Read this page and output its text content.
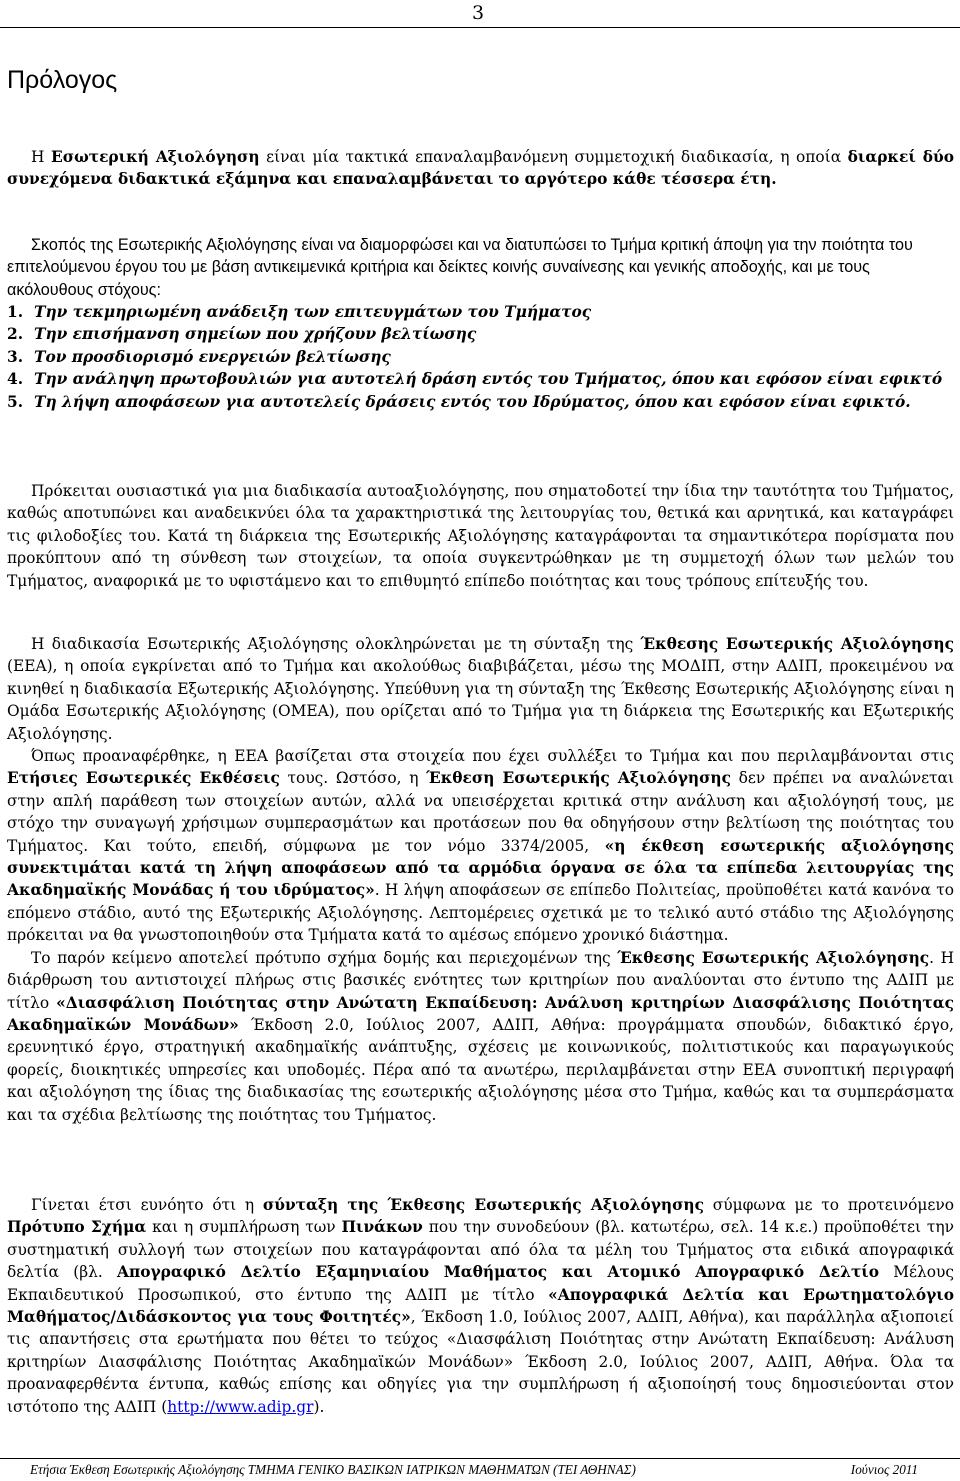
3
Πρόλογος

Η Εσωτερική Αξιολόγηση είναι μία τακτικά επαναλαμβανόμενη συμμετοχική διαδικασία, η οποία διαρκεί δύο συνεχόμενα διδακτικά εξάμηνα και επαναλαμβάνεται το αργότερο κάθε τέσσερα έτη.

Σκοπός της Εσωτερικής Αξιολόγησης είναι να διαμορφώσει και να διατυπώσει το Τμήμα κριτική άποψη για την ποιότητα του επιτελούμενου έργου του με βάση αντικειμενικά κριτήρια και δείκτες κοινής συναίνεσης και γενικής αποδοχής, και με τους ακόλουθους στόχους:

1. Την τεκμηριωμένη ανάδειξη των επιτευγμάτων του Τμήματος
2. Την επισήμανση σημείων που χρήζουν βελτίωσης
3. Τον προσδιορισμό ενεργειών βελτίωσης
4. Την ανάληψη πρωτοβουλιών για αυτοτελή δράση εντός του Τμήματος, όπου και εφόσον είναι εφικτό
5. Τη λήψη αποφάσεων για αυτοτελείς δράσεις εντός του Ιδρύματος, όπου και εφόσον είναι εφικτό.

Πρόκειται ουσιαστικά για μια διαδικασία αυτοαξιολόγησης, που σηματοδοτεί την ίδια την ταυτότητα του Τμήματος, καθώς αποτυπώνει και αναδεικνύει όλα τα χαρακτηριστικά της λειτουργίας του, θετικά και αρνητικά, και καταγράφει τις φιλοδοξίες του. Κατά τη διάρκεια της Εσωτερικής Αξιολόγησης καταγράφονται τα σημαντικότερα πορίσματα που προκύπτουν από τη σύνθεση των στοιχείων, τα οποία συγκεντρώθηκαν με τη συμμετοχή όλων των μελών του Τμήματος, αναφορικά με το υφιστάμενο και το επιθυμητό επίπεδο ποιότητας και τους τρόπους επίτευξής του.

Η διαδικασία Εσωτερικής Αξιολόγησης ολοκληρώνεται με τη σύνταξη της Έκθεσης Εσωτερικής Αξιολόγησης (ΕΕΑ), η οποία εγκρίνεται από το Τμήμα και ακολούθως διαβιβάζεται, μέσω της ΜΟΔΙΠ, στην ΑΔΙΠ, προκειμένου να κινηθεί η διαδικασία Εξωτερικής Αξιολόγησης. Υπεύθυνη για τη σύνταξη της Έκθεσης Εσωτερικής Αξιολόγησης είναι η Ομάδα Εσωτερικής Αξιολόγησης (ΟΜΕΑ), που ορίζεται από το Τμήμα για τη διάρκεια της Εσωτερικής και Εξωτερικής Αξιολόγησης.

Όπως προαναφέρθηκε, η ΕΕΑ βασίζεται στα στοιχεία που έχει συλλέξει το Τμήμα και που περιλαμβάνονται στις Ετήσιες Εσωτερικές Εκθέσεις τους. Ωστόσο, η Έκθεση Εσωτερικής Αξιολόγησης δεν πρέπει να αναλώνεται στην απλή παράθεση των στοιχείων αυτών, αλλά να υπεισέρχεται κριτικά στην ανάλυση και αξιολόγησή τους, με στόχο την συναγωγή χρήσιμων συμπερασμάτων και προτάσεων που θα οδηγήσουν στην βελτίωση της ποιότητας του Τμήματος. Και τούτο, επειδή, σύμφωνα με τον νόμο 3374/2005, «η έκθεση εσωτερικής αξιολόγησης συνεκτιμάται κατά τη λήψη αποφάσεων από τα αρμόδια όργανα σε όλα τα επίπεδα λειτουργίας της Ακαδημαϊκής Μονάδας ή του ιδρύματος». Η λήψη αποφάσεων σε επίπεδο Πολιτείας, προϋποθέτει κατά κανόνα το επόμενο στάδιο, αυτό της Εξωτερικής Αξιολόγησης. Λεπτομέρειες σχετικά με το τελικό αυτό στάδιο της Αξιολόγησης πρόκειται να θα γνωστοποιηθούν στα Τμήματα κατά το αμέσως επόμενο χρονικό διάστημα.

Το παρόν κείμενο αποτελεί πρότυπο σχήμα δομής και περιεχομένων της Έκθεσης Εσωτερικής Αξιολόγησης. Η διάρθρωση του αντιστοιχεί πλήρως στις βασικές ενότητες των κριτηρίων που αναλύονται στο έντυπο της ΑΔΙΠ με τίτλο «Διασφάλιση Ποιότητας στην Ανώτατη Εκπαίδευση: Ανάλυση κριτηρίων Διασφάλισης Ποιότητας Ακαδημαϊκών Μονάδων» Έκδοση 2.0, Ιούλιος 2007, ΑΔΙΠ, Αθήνα: προγράμματα σπουδών, διδακτικό έργο, ερευνητικό έργο, στρατηγική ακαδημαϊκής ανάπτυξης, σχέσεις με κοινωνικούς, πολιτιστικούς και παραγωγικούς φορείς, διοικητικές υπηρεσίες και υποδομές. Πέρα από τα ανωτέρω, περιλαμβάνεται στην ΕΕΑ συνοπτική περιγραφή και αξιολόγηση της ίδιας της διαδικασίας της εσωτερικής αξιολόγησης μέσα στο Τμήμα, καθώς και τα συμπεράσματα και τα σχέδια βελτίωσης της ποιότητας του Τμήματος.

Γίνεται έτσι ευνόητο ότι η σύνταξη της Έκθεσης Εσωτερικής Αξιολόγησης σύμφωνα με το προτεινόμενο Πρότυπο Σχήμα και η συμπλήρωση των Πινάκων που την συνοδεύουν (βλ. κατωτέρω, σελ. 14 κ.ε.) προϋποθέτει την συστηματική συλλογή των στοιχείων που καταγράφονται από όλα τα μέλη του Τμήματος στα ειδικά απογραφικά δελτία (βλ. Απογραφικό Δελτίο Εξαμηνιαίου Μαθήματος και Ατομικό Απογραφικό Δελτίο Μέλους Εκπαιδευτικού Προσωπικού, στο έντυπο της ΑΔΙΠ με τίτλο «Απογραφικά Δελτία και Ερωτηματολόγιο Μαθήματος/Διδάσκοντος για τους Φοιτητές», Έκδοση 1.0, Ιούλιος 2007, ΑΔΙΠ, Αθήνα), και παράλληλα αξιοποιεί τις απαντήσεις στα ερωτήματα που θέτει το τεύχος «Διασφάλιση Ποιότητας στην Ανώτατη Εκπαίδευση: Ανάλυση κριτηρίων Διασφάλισης Ποιότητας Ακαδημαϊκών Μονάδων» Έκδοση 2.0, Ιούλιος 2007, ΑΔΙΠ, Αθήνα. Όλα τα προαναφερθέντα έντυπα, καθώς επίσης και οδηγίες για την συμπλήρωση ή αξιοποίησή τους δημοσιεύονται στον ιστότοπο της ΑΔΙΠ (http://www.adip.gr).

Ετήσια Έκθεση Εσωτερικής Αξιολόγησης ΤΜΗΜΑ ΓΕΝΙΚΟ ΒΑΣΙΚΩΝ ΙΑΤΡΙΚΩΝ ΜΑΘΗΜΑΤΩΝ (ΤΕΙ ΑΘΗΝΑΣ)	Ιούνιος 2011
